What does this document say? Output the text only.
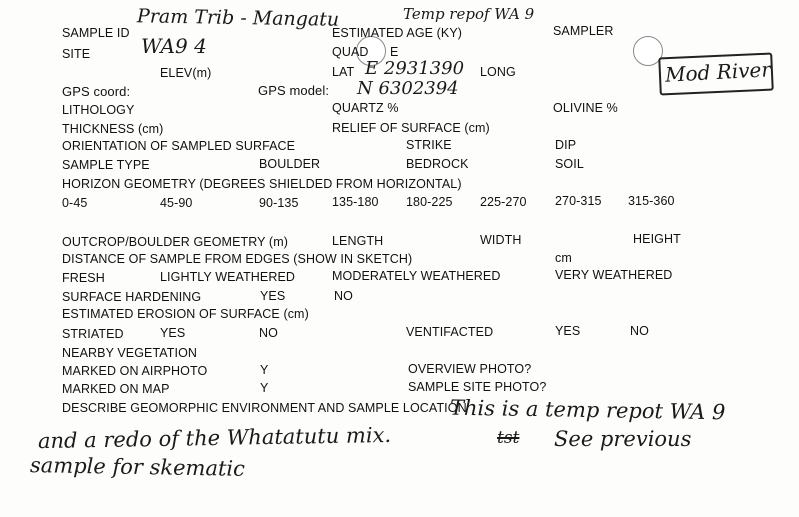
SAMPLE ID	ESTIMATED AGE (KY)	SAMPLER
SITE	QUAD E
ELEV(m)	LAT	LONG
GPS coord:	GPS model:
LITHOLOGY	QUARTZ %	OLIVINE %
THICKNESS (cm)	RELIEF OF SURFACE (cm)
ORIENTATION OF SAMPLED SURFACE	STRIKE	DIP
SAMPLE TYPE	BOULDER	BEDROCK	SOIL
HORIZON GEOMETRY (DEGREES SHIELDED FROM HORIZONTAL)
0-45	45-90	90-135	135-180 180-225 225-270 270-315 315-360
OUTCROP/BOULDER GEOMETRY (m)	LENGTH	WIDTH	HEIGHT
DISTANCE OF SAMPLE FROM EDGES (SHOW IN SKETCH)	cm
FRESH	LIGHTLY WEATHERED	MODERATELY WEATHERED	VERY WEATHERED
SURFACE HARDENING	YES	NO
ESTIMATED EROSION OF SURFACE (cm)
STRIATED	YES	NO	VENTIFACTED	YES	NO
NEARBY VEGETATION
MARKED ON AIRPHOTO	Y	OVERVIEW PHOTO?
MARKED ON MAP	Y	SAMPLE SITE PHOTO?
DESCRIBE GEOMORPHIC ENVIRONMENT AND SAMPLE LOCATION
Pram Trib - Mangatu	Temp repof WA 9
WA9 4
E 2931390
N 6302394
Mod River
This is a temp repot WA 9
and a redo of the Whatatutu mix.	tst See previous
sample for skematic
